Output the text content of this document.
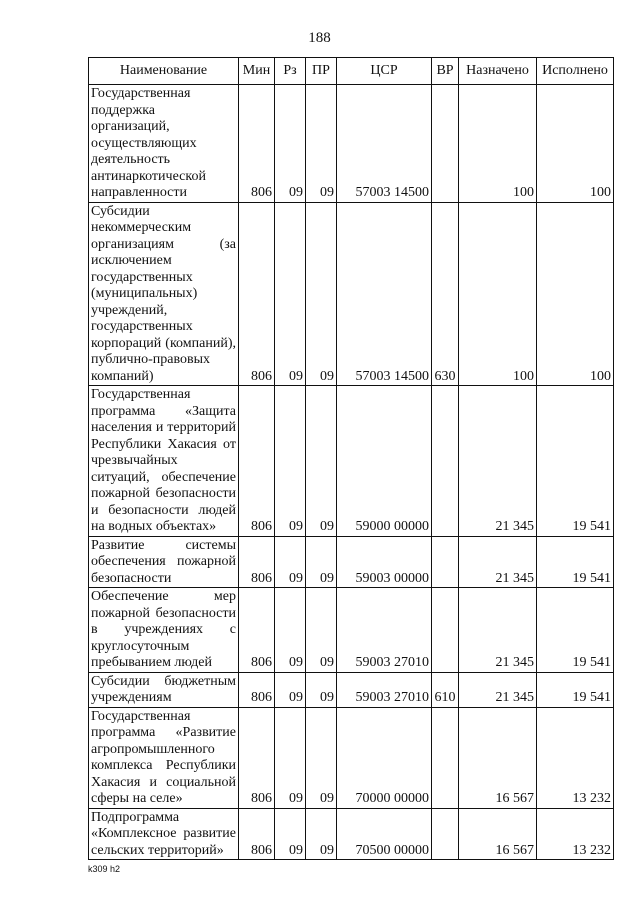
188
Наименование	Мин	Рз	ПР	ЦСР	ВР	Назначено	Исполнено
Государственная поддержка организаций, осуществляющих деятельность антинаркотической направленности	806	09	09	57003 14500		100	100
Субсидии некоммерческим организациям (за исключением государственных (муниципальных) учреждений, государственных корпораций (компаний), публично-правовых компаний)	806	09	09	57003 14500	630	100	100
Государственная программа «Защита населения и территорий Республики Хакасия от чрезвычайных ситуаций, обеспечение пожарной безопасности и безопасности людей на водных объектах»	806	09	09	59000 00000		21 345	19 541
Развитие системы обеспечения пожарной безопасности	806	09	09	59003 00000		21 345	19 541
Обеспечение мер пожарной безопасности в учреждениях с круглосуточным пребыванием людей	806	09	09	59003 27010		21 345	19 541
Субсидии бюджетным учреждениям	806	09	09	59003 27010	610	21 345	19 541
Государственная программа «Развитие агропромышленного комплекса Республики Хакасия и социальной сферы на селе»	806	09	09	70000 00000		16 567	13 232
Подпрограмма «Комплексное развитие сельских территорий»	806	09	09	70500 00000		16 567	13 232
k309 h2
